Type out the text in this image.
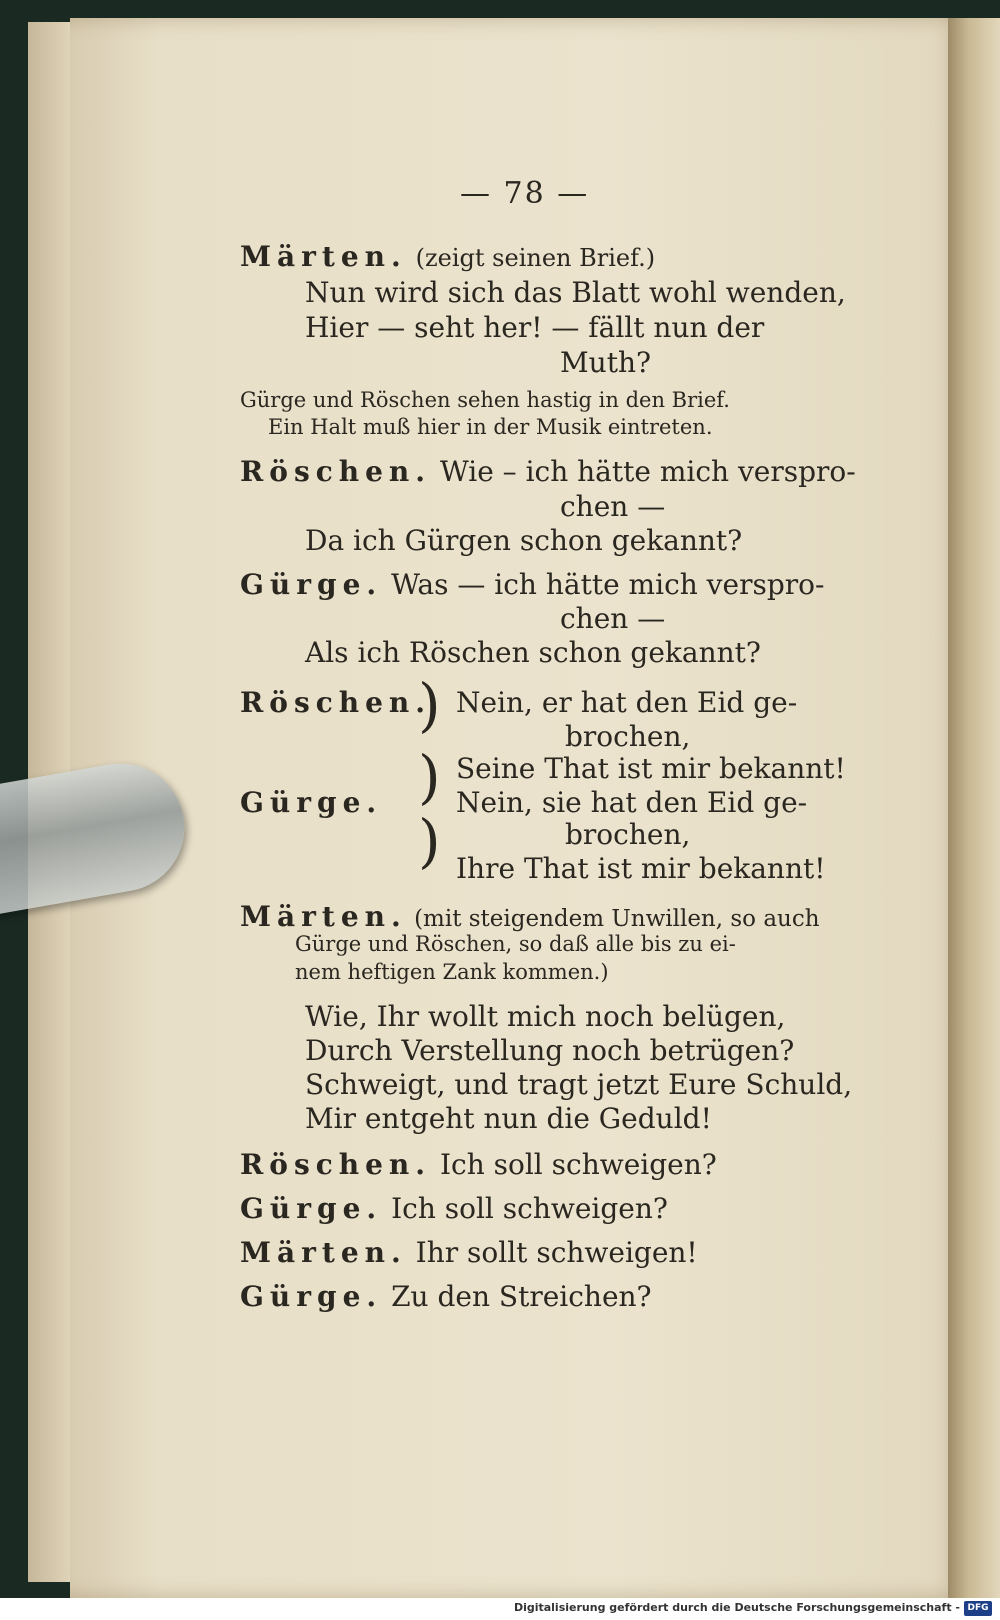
— 78 —
Märten. (zeigt seinen Brief.)
Nun wird sich das Blatt wohl wenden,
Hier — seht her! — fällt nun der
Muth?
Gürge und Röschen sehen hastig in den Brief.
Ein Halt muß hier in der Musik eintreten.
Röschen. Wie – ich hätte mich verspro-
chen —
Da ich Gürgen schon gekannt?
Gürge. Was — ich hätte mich verspro-
chen —
Als ich Röschen schon gekannt?
Röschen.
) Nein, er hat den Eid ge-
brochen,
) Seine That ist mir bekannt!
Gürge.	Nein, sie hat den Eid ge-
)	brochen,
Ihre That ist mir bekannt!
Märten. (mit steigendem Unwillen, so auch
Gürge und Röschen, so daß alle bis zu ei-
nem heftigen Zank kommen.)
Wie, Ihr wollt mich noch belügen,
Durch Verstellung noch betrügen?
Schweigt, und tragt jetzt Eure Schuld,
Mir entgeht nun die Geduld!
Röschen. Ich soll schweigen?
Gürge. Ich soll schweigen?
Märten. Ihr sollt schweigen!
Gürge. Zu den Streichen?
Digitalisierung gefördert durch die Deutsche Forschungsgemeinschaft - DFG
